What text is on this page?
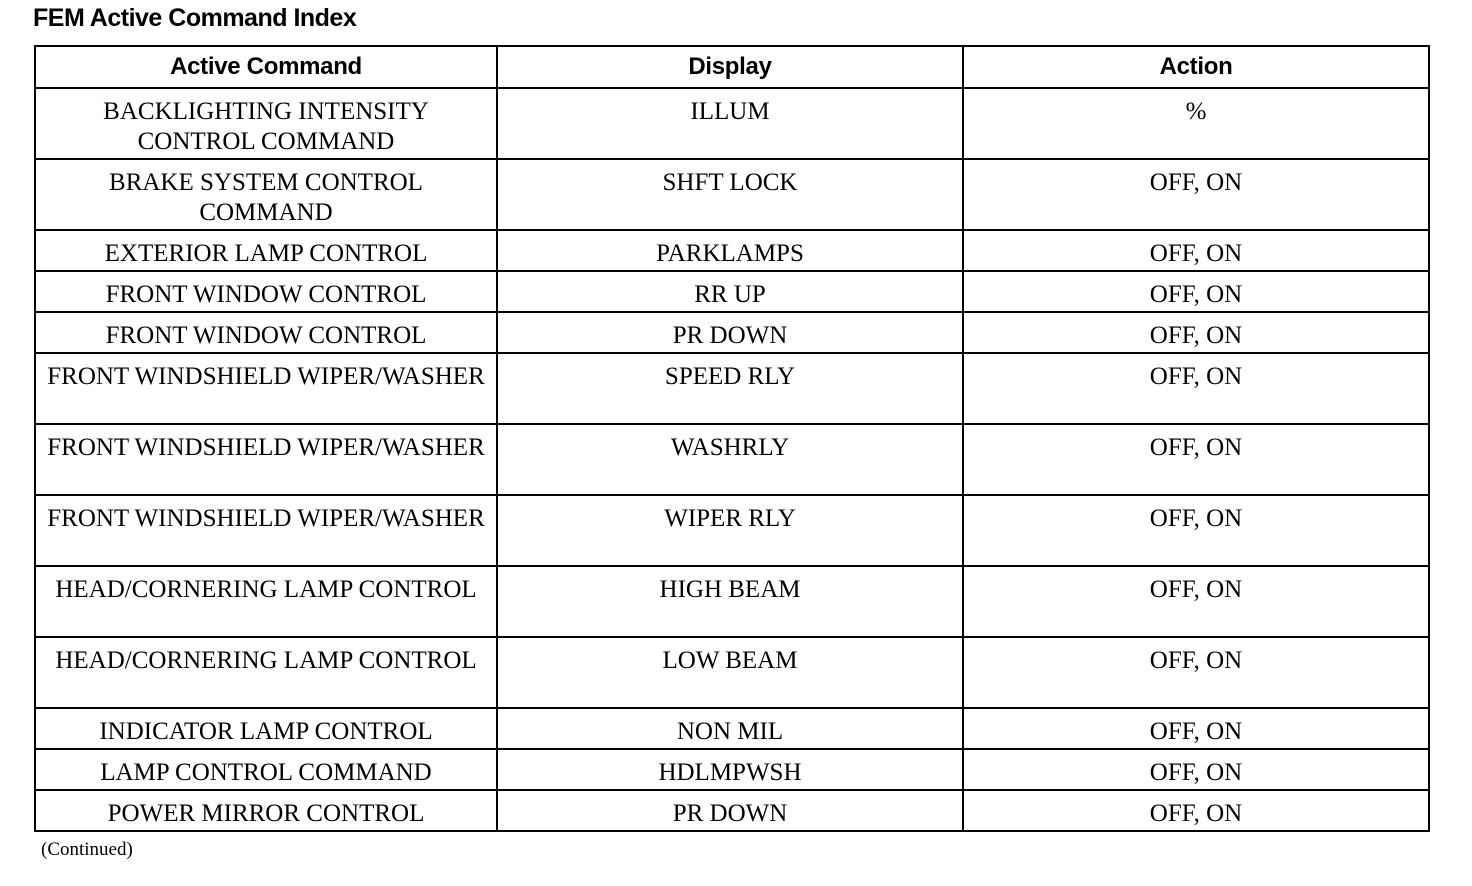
FEM Active Command Index
Active Command	Display	Action
BACKLIGHTING INTENSITY CONTROL COMMAND	ILLUM	%
BRAKE SYSTEM CONTROL COMMAND	SHFT LOCK	OFF, ON
EXTERIOR LAMP CONTROL	PARKLAMPS	OFF, ON
FRONT WINDOW CONTROL	RR UP	OFF, ON
FRONT WINDOW CONTROL	PR DOWN	OFF, ON
FRONT WINDSHIELD WIPER/WASHER	SPEED RLY	OFF, ON
FRONT WINDSHIELD WIPER/WASHER	WASHRLY	OFF, ON
FRONT WINDSHIELD WIPER/WASHER	WIPER RLY	OFF, ON
HEAD/CORNERING LAMP CONTROL	HIGH BEAM	OFF, ON
HEAD/CORNERING LAMP CONTROL	LOW BEAM	OFF, ON
INDICATOR LAMP CONTROL	NON MIL	OFF, ON
LAMP CONTROL COMMAND	HDLMPWSH	OFF, ON
POWER MIRROR CONTROL	PR DOWN	OFF, ON
(Continued)
